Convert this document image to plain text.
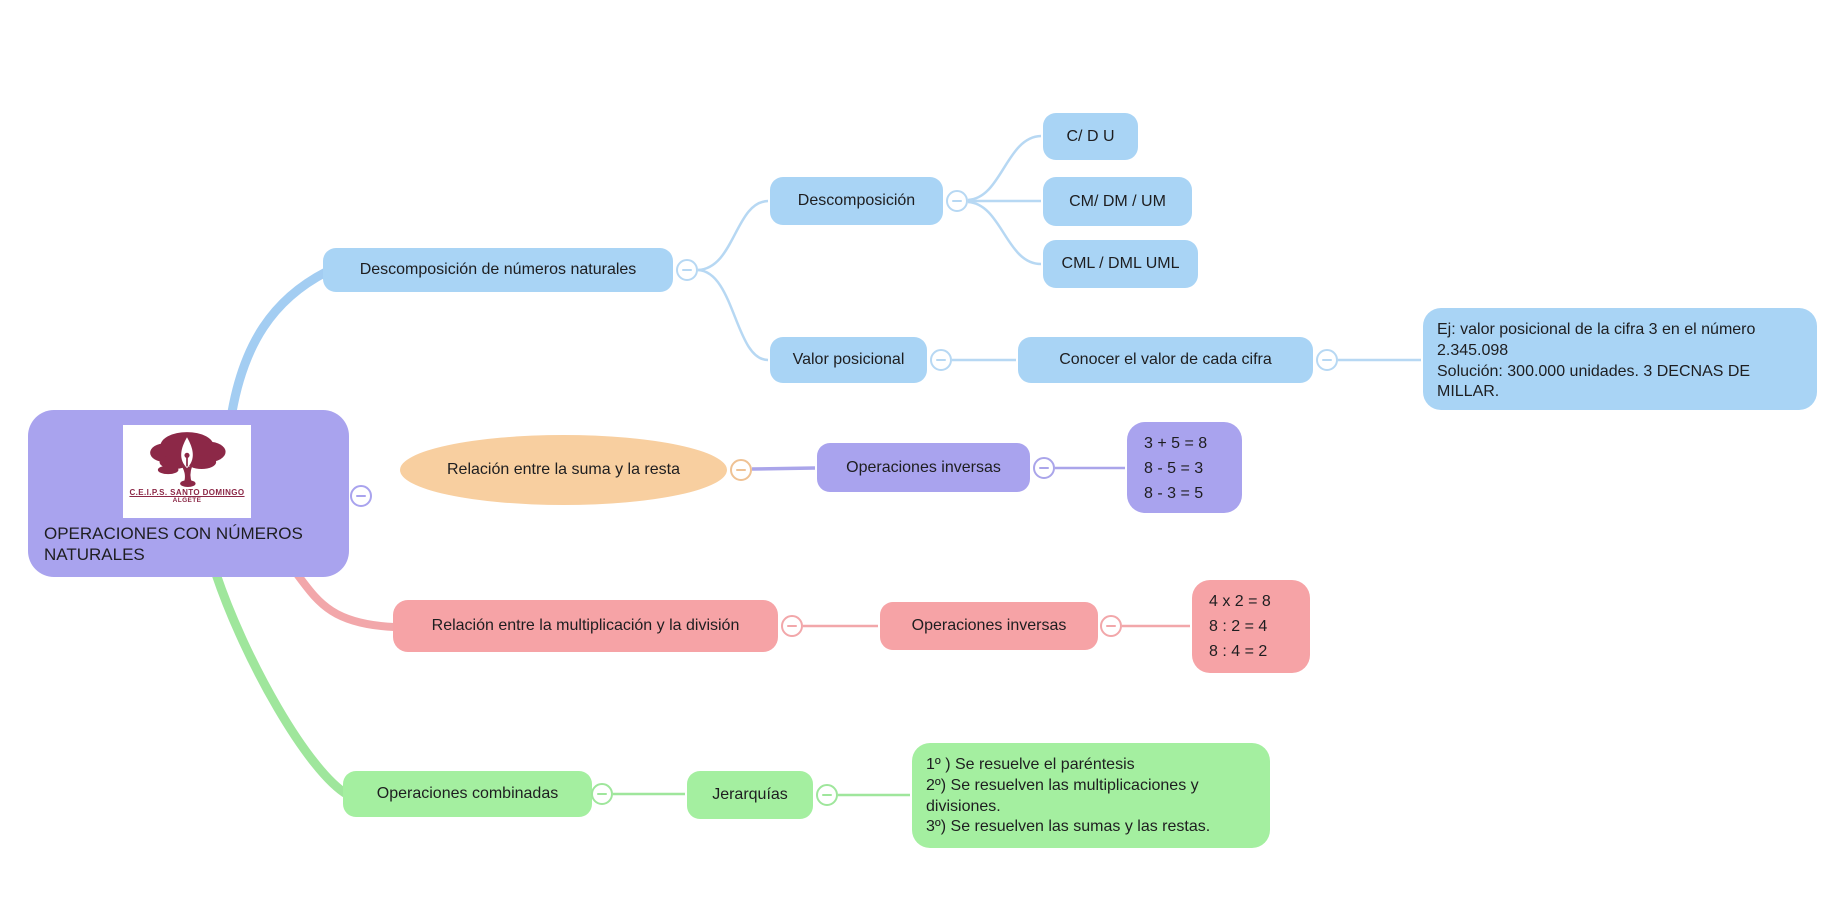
C.E.I.P.S. SANTO DOMINGO
ALGETE
OPERACIONES CON NÚMEROS NATURALES
Descomposición de números naturales
Descomposición
C/ D U
CM/ DM / UM
CML / DML UML
Valor posicional	Conocer el valor de cada cifra
Ej: valor posicional de la cifra 3 en el número 2.345.098
Solución: 300.000 unidades. 3 DECNAS DE MILLAR.
Relación entre la suma y la resta	Operaciones inversas
3 + 5 = 8
8 - 5 = 3
8 - 3 = 5
Relación entre la multiplicación y la división	Operaciones inversas
4 x 2 = 8
8 : 2 = 4
8 : 4 = 2
Operaciones combinadas	Jerarquías
1º ) Se resuelve el paréntesis
2º) Se resuelven las multiplicaciones y divisiones.
3º) Se resuelven las sumas y las restas.
